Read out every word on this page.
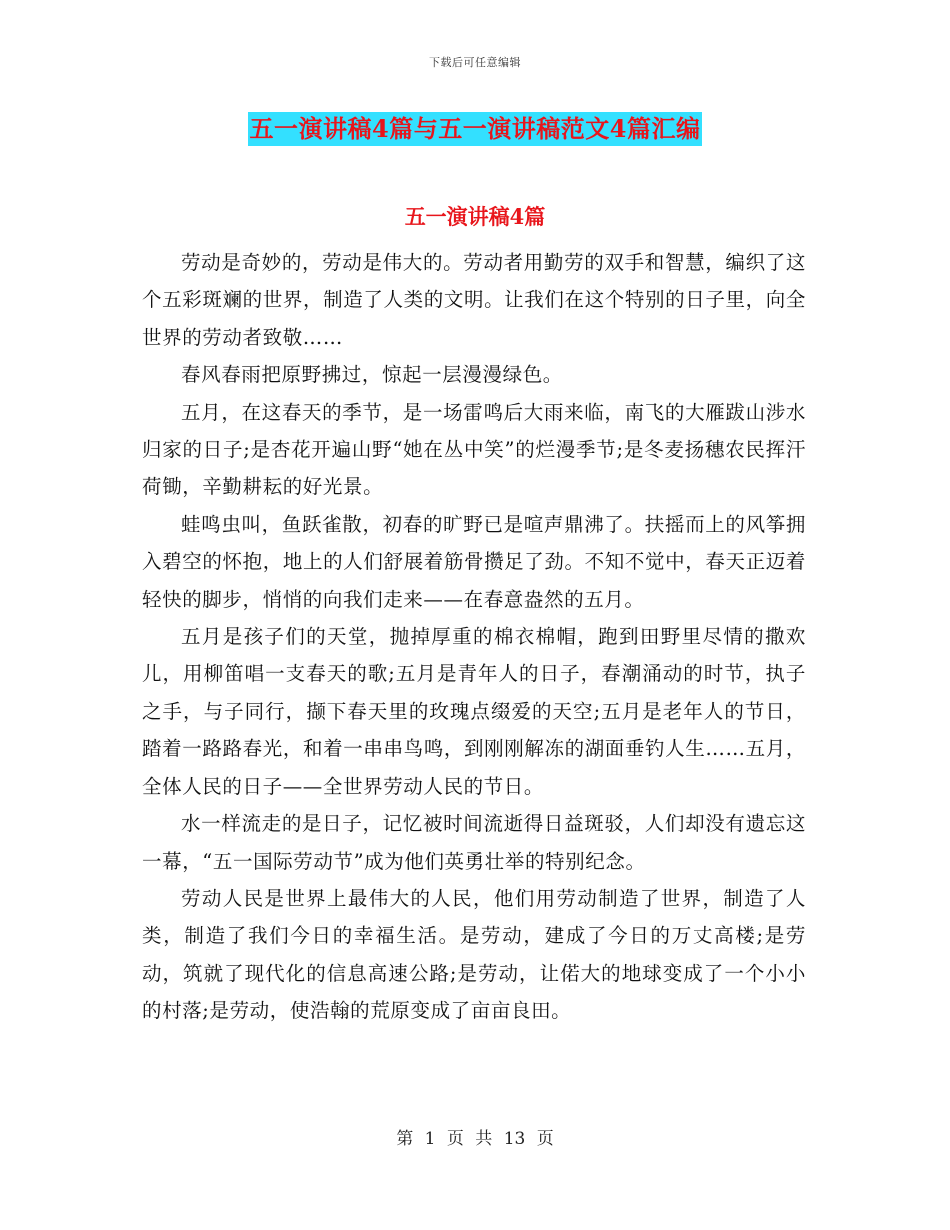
下载后可任意编辑
五一演讲稿4篇与五一演讲稿范文4篇汇编
五一演讲稿4篇

劳动是奇妙的，劳动是伟大的。劳动者用勤劳的双手和智慧，编织了这个五彩斑斓的世界，制造了人类的文明。让我们在这个特别的日子里，向全世界的劳动者致敬……

春风春雨把原野拂过，惊起一层漫漫绿色。

五月，在这春天的季节，是一场雷鸣后大雨来临，南飞的大雁跋山涉水归家的日子;是杏花开遍山野“她在丛中笑”的烂漫季节;是冬麦扬穗农民挥汗荷锄，辛勤耕耘的好光景。

蛙鸣虫叫，鱼跃雀散，初春的旷野已是喧声鼎沸了。扶摇而上的风筝拥入碧空的怀抱，地上的人们舒展着筋骨攒足了劲。不知不觉中，春天正迈着轻快的脚步，悄悄的向我们走来——在春意盎然的五月。

五月是孩子们的天堂，抛掉厚重的棉衣棉帽，跑到田野里尽情的撒欢儿，用柳笛唱一支春天的歌;五月是青年人的日子，春潮涌动的时节，执子之手，与子同行，撷下春天里的玫瑰点缀爱的天空;五月是老年人的节日，踏着一路路春光，和着一串串鸟鸣，到刚刚解冻的湖面垂钓人生……五月，全体人民的日子——全世界劳动人民的节日。

水一样流走的是日子，记忆被时间流逝得日益斑驳，人们却没有遗忘这一幕，“五一国际劳动节”成为他们英勇壮举的特别纪念。

劳动人民是世界上最伟大的人民，他们用劳动制造了世界，制造了人类，制造了我们今日的幸福生活。是劳动，建成了今日的万丈高楼;是劳动，筑就了现代化的信息高速公路;是劳动，让偌大的地球变成了一个小小的村落;是劳动，使浩翰的荒原变成了亩亩良田。

第 1 页 共 13 页
